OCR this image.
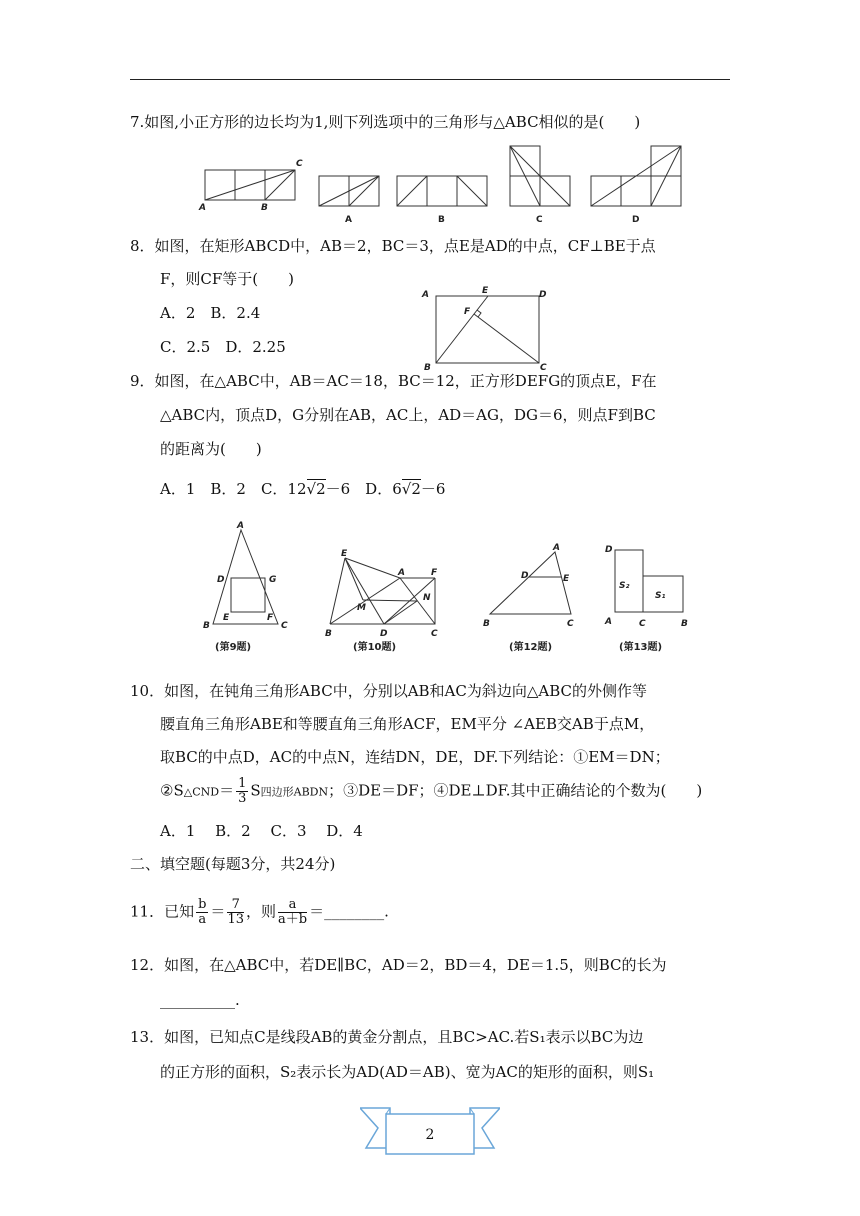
7.如图,小正方形的边长均为1,则下列选项中的三角形与△ABC相似的是(　　)
A	B
C
A	B	C	D
8．如图，在矩形ABCD中，AB＝2，BC＝3，点E是AD的中点，CF⊥BE于点
F，则CF等于(　　)
A．2　B．2.4
C．2.5　D．2.25
A	E	D
F
B	C
9．如图，在△ABC中，AB＝AC＝18，BC＝12，正方形DEFG的顶点E，F在
△ABC内，顶点D，G分别在AB，AC上，AD＝AG，DG＝6，则点F到BC
的距离为(　　)
A．1　B．2　C．12√2－6　D．6√2－6
A
D	G
E	F
B	C
(第9题)
E
A	F
M
N
B	D	C
(第10题)
A
D	E
B	C
(第12题)
D
S₂
S₁
A	C	B
(第13题)
10．如图，在钝角三角形ABC中，分别以AB和AC为斜边向△ABC的外侧作等
腰直角三角形ABE和等腰直角三角形ACF，EM平分 ∠AEB交AB于点M，
取BC的中点D，AC的中点N，连结DN，DE，DF.下列结论：①EM＝DN；
②S△CND＝ $\frac{1}{3}$ S四边形ABDN；③DE＝DF；④DE⊥DF.其中正确结论的个数为(　　)
A．1　 B．2　 C．3　 D．4
二、填空题(每题3分，共24分)
11．已知 $\frac{b}{a} = \frac{7}{13}$ ，则 $\frac{a}{a+b}$ ＝________.
12．如图，在△ABC中，若DE∥BC，AD＝2，BD＝4，DE＝1.5，则BC的长为
__________.
13．如图，已知点C是线段AB的黄金分割点，且BC>AC.若S₁表示以BC为边
的正方形的面积，S₂表示长为AD(AD＝AB)、宽为AC的矩形的面积，则S₁
2
